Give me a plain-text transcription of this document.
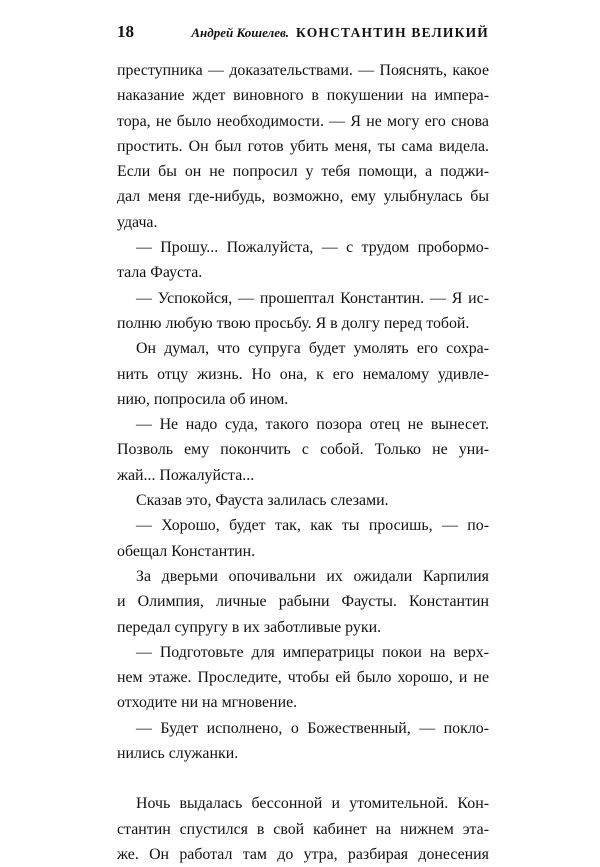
18	Андрей Кошелев. КОНСТАНТИН ВЕЛИКИЙ
преступника — доказательствами. — Пояснять, какое
наказание ждет виновного в покушении на импера-
тора, не было необходимости. — Я не могу его снова
простить. Он был готов убить меня, ты сама видела.
Если бы он не попросил у тебя помощи, а поджи-
дал меня где-нибудь, возможно, ему улыбнулась бы
удача.
— Прошу... Пожалуйста, — с трудом пробормо-
тала Фауста.
— Успокойся, — прошептал Константин. — Я ис-
полню любую твою просьбу. Я в долгу перед тобой.
Он думал, что супруга будет умолять его сохра-
нить отцу жизнь. Но она, к его немалому удивле-
нию, попросила об ином.
— Не надо суда, такого позора отец не вынесет.
Позволь ему покончить с собой. Только не уни-
жай... Пожалуйста...
Сказав это, Фауста залилась слезами.
— Хорошо, будет так, как ты просишь, — по-
обещал Константин.
За дверьми опочивальни их ожидали Карпилия
и Олимпия, личные рабыни Фаусты. Константин
передал супругу в их заботливые руки.
— Подготовьте для императрицы покои на верх-
нем этаже. Проследите, чтобы ей было хорошо, и не
отходите ни на мгновение.
— Будет исполнено, о Божественный, — покло-
нились служанки.
Ночь выдалась бессонной и утомительной. Кон-
стантин спустился в свой кабинет на нижнем эта-
же. Он работал там до утра, разбирая донесения
